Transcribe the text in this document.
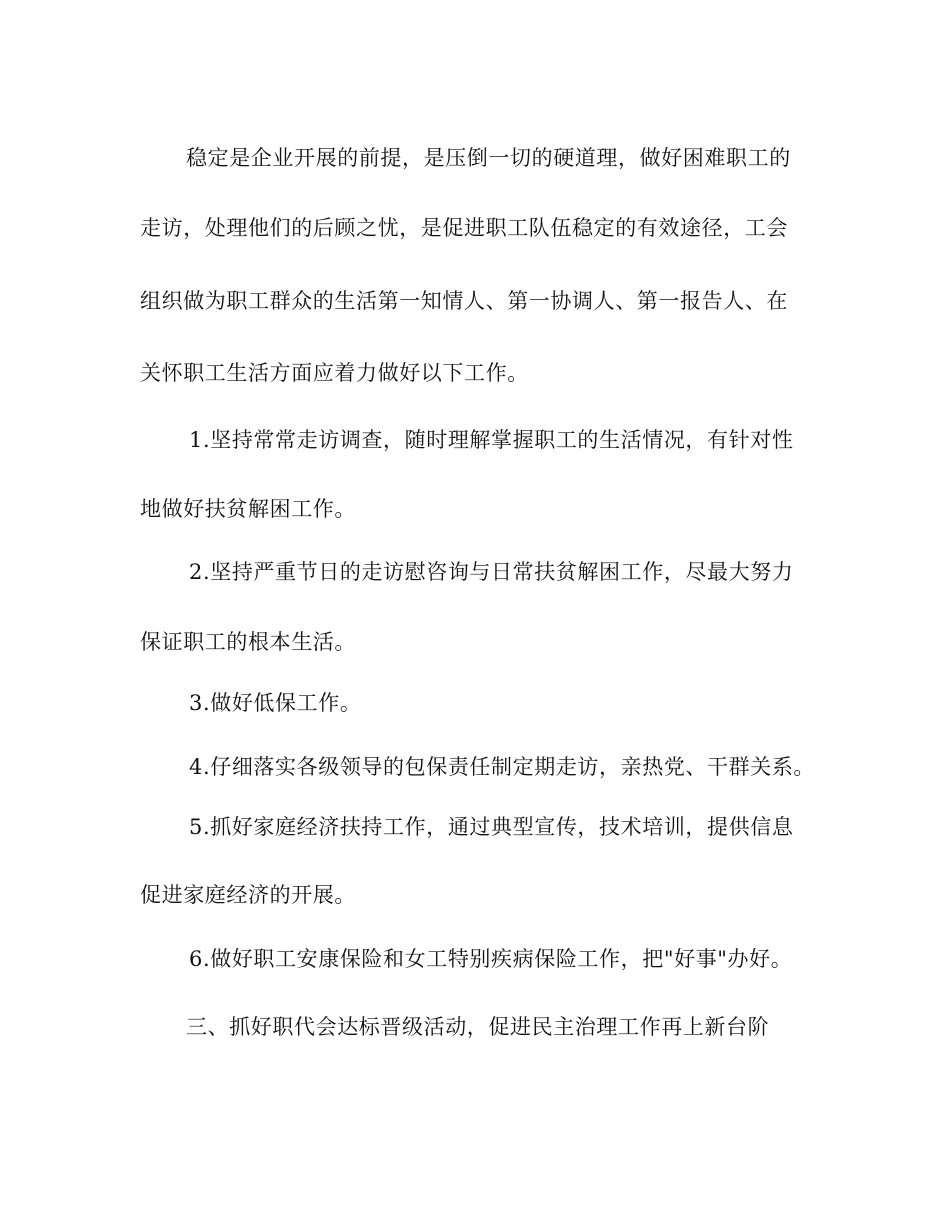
稳定是企业开展的前提，是压倒一切的硬道理，做好困难职工的
走访，处理他们的后顾之忧，是促进职工队伍稳定的有效途径，工会
组织做为职工群众的生活第一知情人、第一协调人、第一报告人、在
关怀职工生活方面应着力做好以下工作。
1.坚持常常走访调查，随时理解掌握职工的生活情况，有针对性
地做好扶贫解困工作。
2.坚持严重节日的走访慰咨询与日常扶贫解困工作，尽最大努力
保证职工的根本生活。
3.做好低保工作。
4.仔细落实各级领导的包保责任制定期走访，亲热党、干群关系。
5.抓好家庭经济扶持工作，通过典型宣传，技术培训，提供信息
促进家庭经济的开展。
6.做好职工安康保险和女工特别疾病保险工作，把"好事"办好。
三、抓好职代会达标晋级活动，促进民主治理工作再上新台阶
